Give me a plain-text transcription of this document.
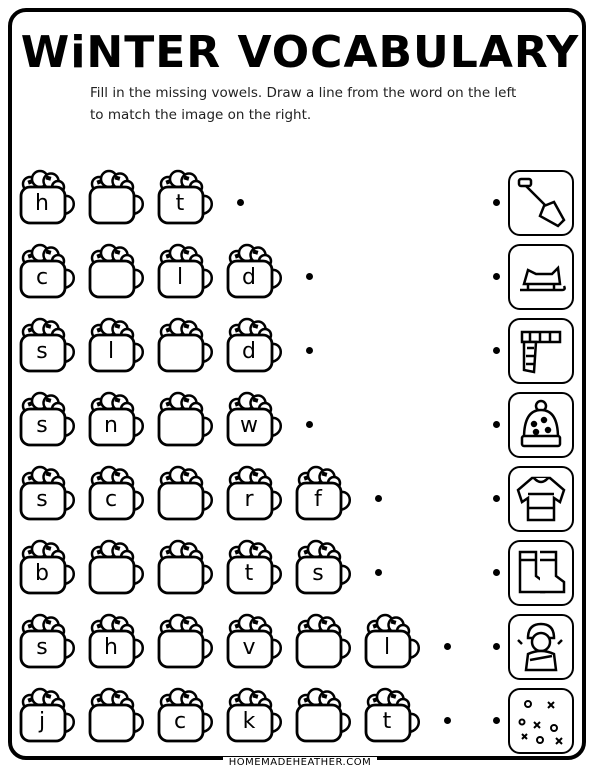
WiNTER VOCABULARY
Fill in the missing vowels. Draw a line from the word on the left to match the image on the right.
h	t
c	l	d
s	l	d
s	n	w
s	c	r	f
b	t	s
s	h	v	l
j	c	k	t
HOMEMADEHEATHER.COM
